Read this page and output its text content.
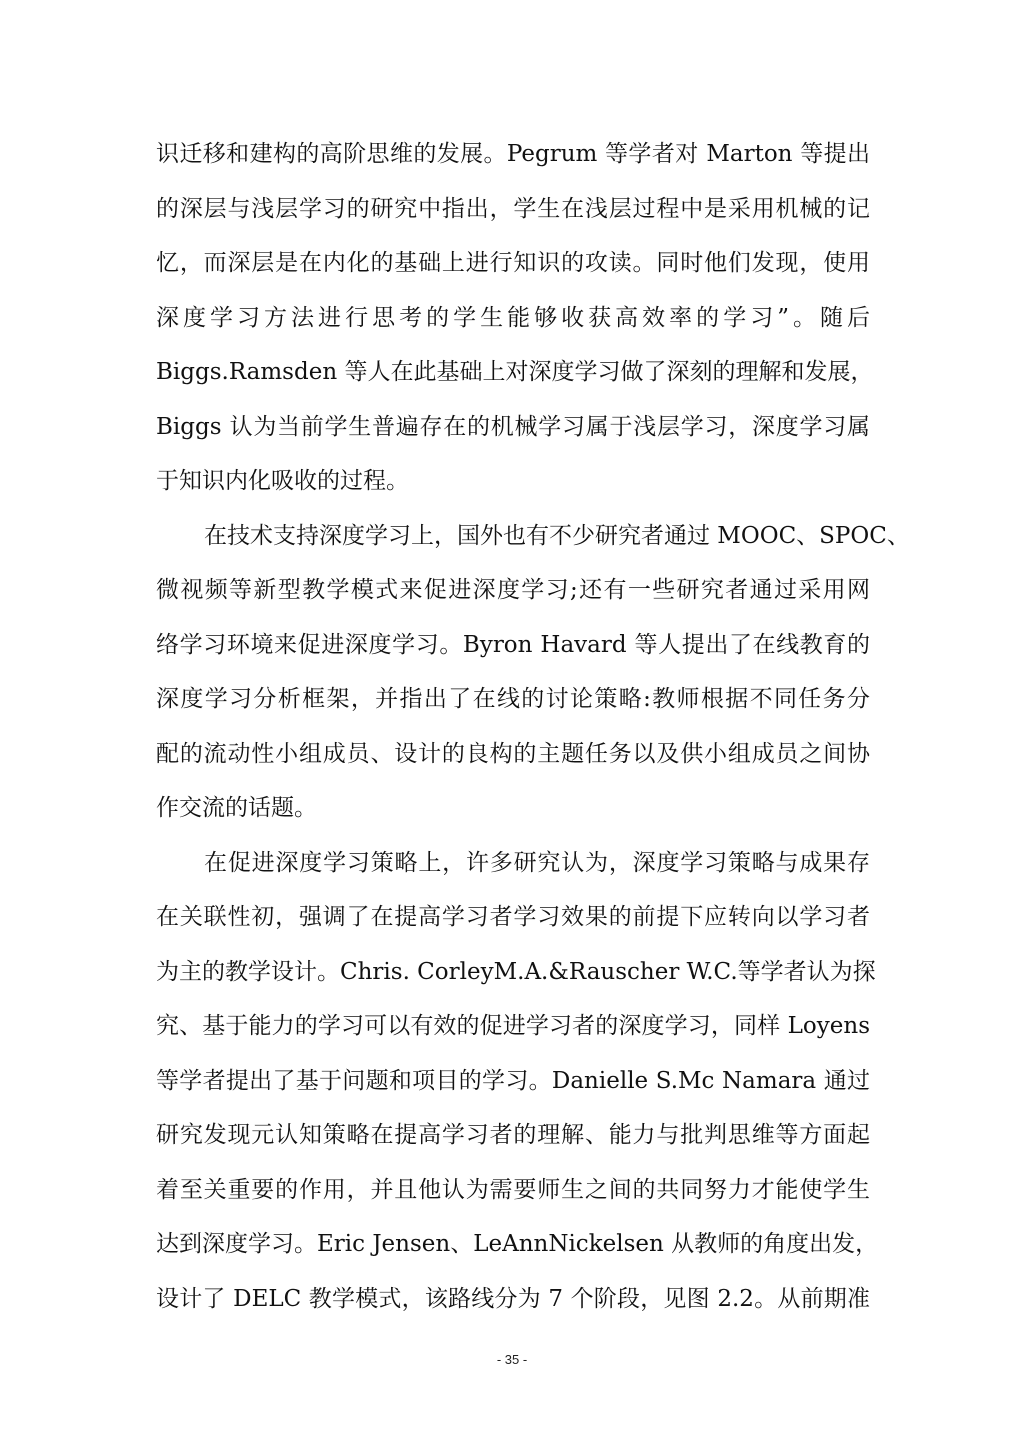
识迁移和建构的高阶思维的发展。Pegrum 等学者对 Marton 等提出
的深层与浅层学习的研究中指出，学生在浅层过程中是采用机械的记
忆，而深层是在内化的基础上进行知识的攻读。同时他们发现，使用
深度学习方法进行思考的学生能够收获高效率的学习”。随后
Biggs.Ramsden 等人在此基础上对深度学习做了深刻的理解和发展，
Biggs 认为当前学生普遍存在的机械学习属于浅层学习，深度学习属
于知识内化吸收的过程。
在技术支持深度学习上，国外也有不少研究者通过 MOOC、SPOC、
微视频等新型教学模式来促进深度学习;还有一些研究者通过采用网
络学习环境来促进深度学习。Byron Havard 等人提出了在线教育的
深度学习分析框架，并指出了在线的讨论策略:教师根据不同任务分
配的流动性小组成员、设计的良构的主题任务以及供小组成员之间协
作交流的话题。
在促进深度学习策略上，许多研究认为，深度学习策略与成果存
在关联性初，强调了在提高学习者学习效果的前提下应转向以学习者
为主的教学设计。Chris. CorleyM.A.&Rauscher W.C.等学者认为探
究、基于能力的学习可以有效的促进学习者的深度学习，同样 Loyens
等学者提出了基于问题和项目的学习。Danielle S.Mc Namara 通过
研究发现元认知策略在提高学习者的理解、能力与批判思维等方面起
着至关重要的作用，并且他认为需要师生之间的共同努力才能使学生
达到深度学习。Eric Jensen、LeAnnNickelsen 从教师的角度出发，
设计了 DELC 教学模式，该路线分为 7 个阶段，见图 2.2。从前期准
- 35 -
